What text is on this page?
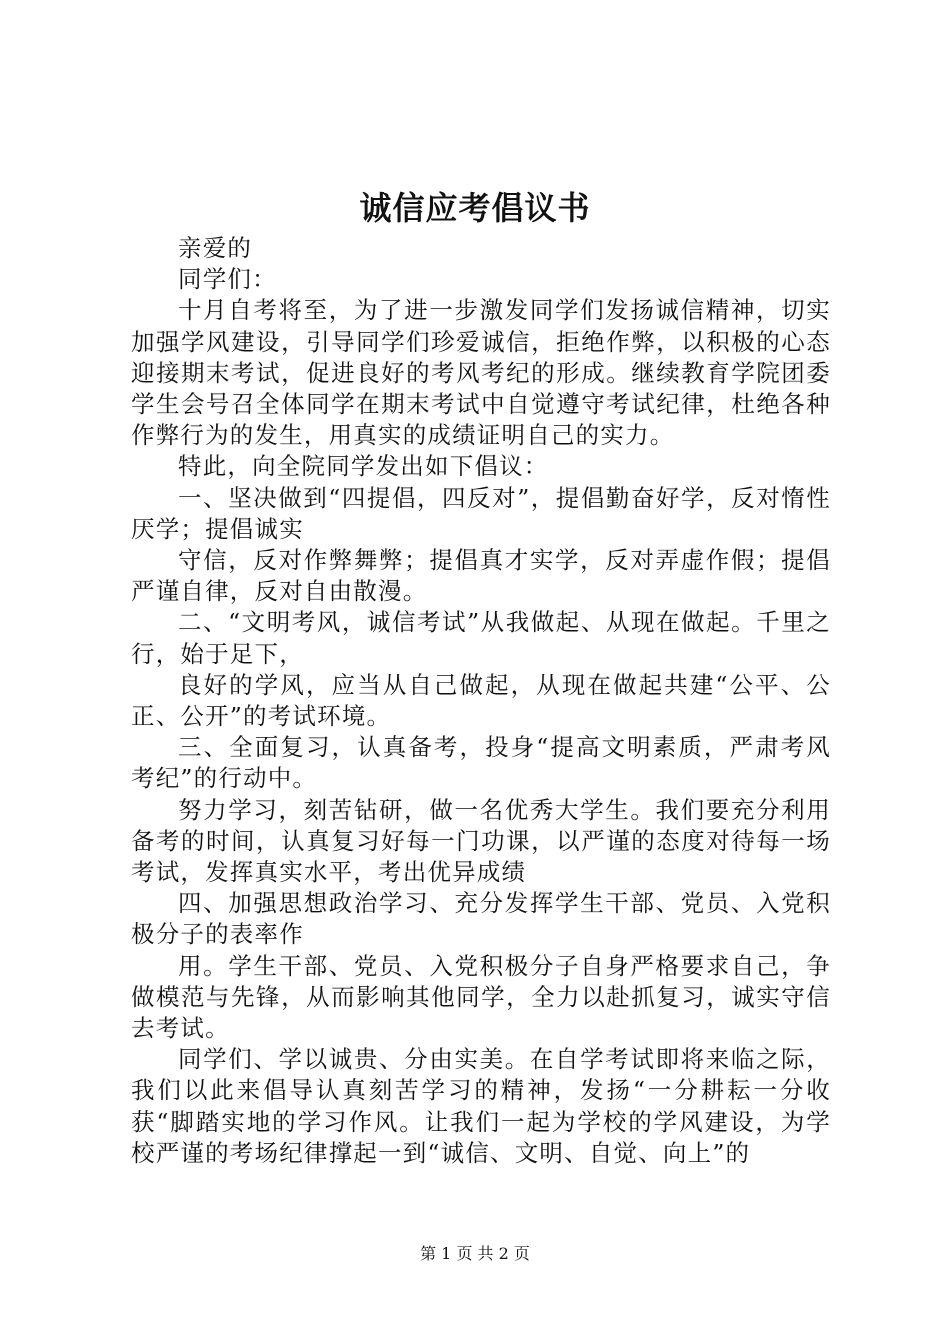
诚信应考倡议书

亲爱的

同学们：

十月自考将至，为了进一步激发同学们发扬诚信精神，切实加强学风建设，引导同学们珍爱诚信，拒绝作弊，以积极的心态迎接期末考试，促进良好的考风考纪的形成。继续教育学院团委学生会号召全体同学在期末考试中自觉遵守考试纪律，杜绝各种作弊行为的发生，用真实的成绩证明自己的实力。

特此，向全院同学发出如下倡议：

一、坚决做到“四提倡，四反对”，提倡勤奋好学，反对惰性厌学；提倡诚实

守信，反对作弊舞弊；提倡真才实学，反对弄虚作假；提倡严谨自律，反对自由散漫。

二、“文明考风，诚信考试”从我做起、从现在做起。千里之行，始于足下，

良好的学风，应当从自己做起，从现在做起共建“公平、公正、公开”的考试环境。

三、全面复习，认真备考，投身“提高文明素质，严肃考风考纪”的行动中。

努力学习，刻苦钻研，做一名优秀大学生。我们要充分利用备考的时间，认真复习好每一门功课，以严谨的态度对待每一场考试，发挥真实水平，考出优异成绩

四、加强思想政治学习、充分发挥学生干部、党员、入党积极分子的表率作

用。学生干部、党员、入党积极分子自身严格要求自己，争做模范与先锋，从而影响其他同学，全力以赴抓复习，诚实守信去考试。

同学们、学以诚贵、分由实美。在自学考试即将来临之际，我们以此来倡导认真刻苦学习的精神，发扬“一分耕耘一分收获“脚踏实地的学习作风。让我们一起为学校的学风建设，为学校严谨的考场纪律撑起一到“诚信、文明、自觉、向上”的

第 1 页 共 2 页
